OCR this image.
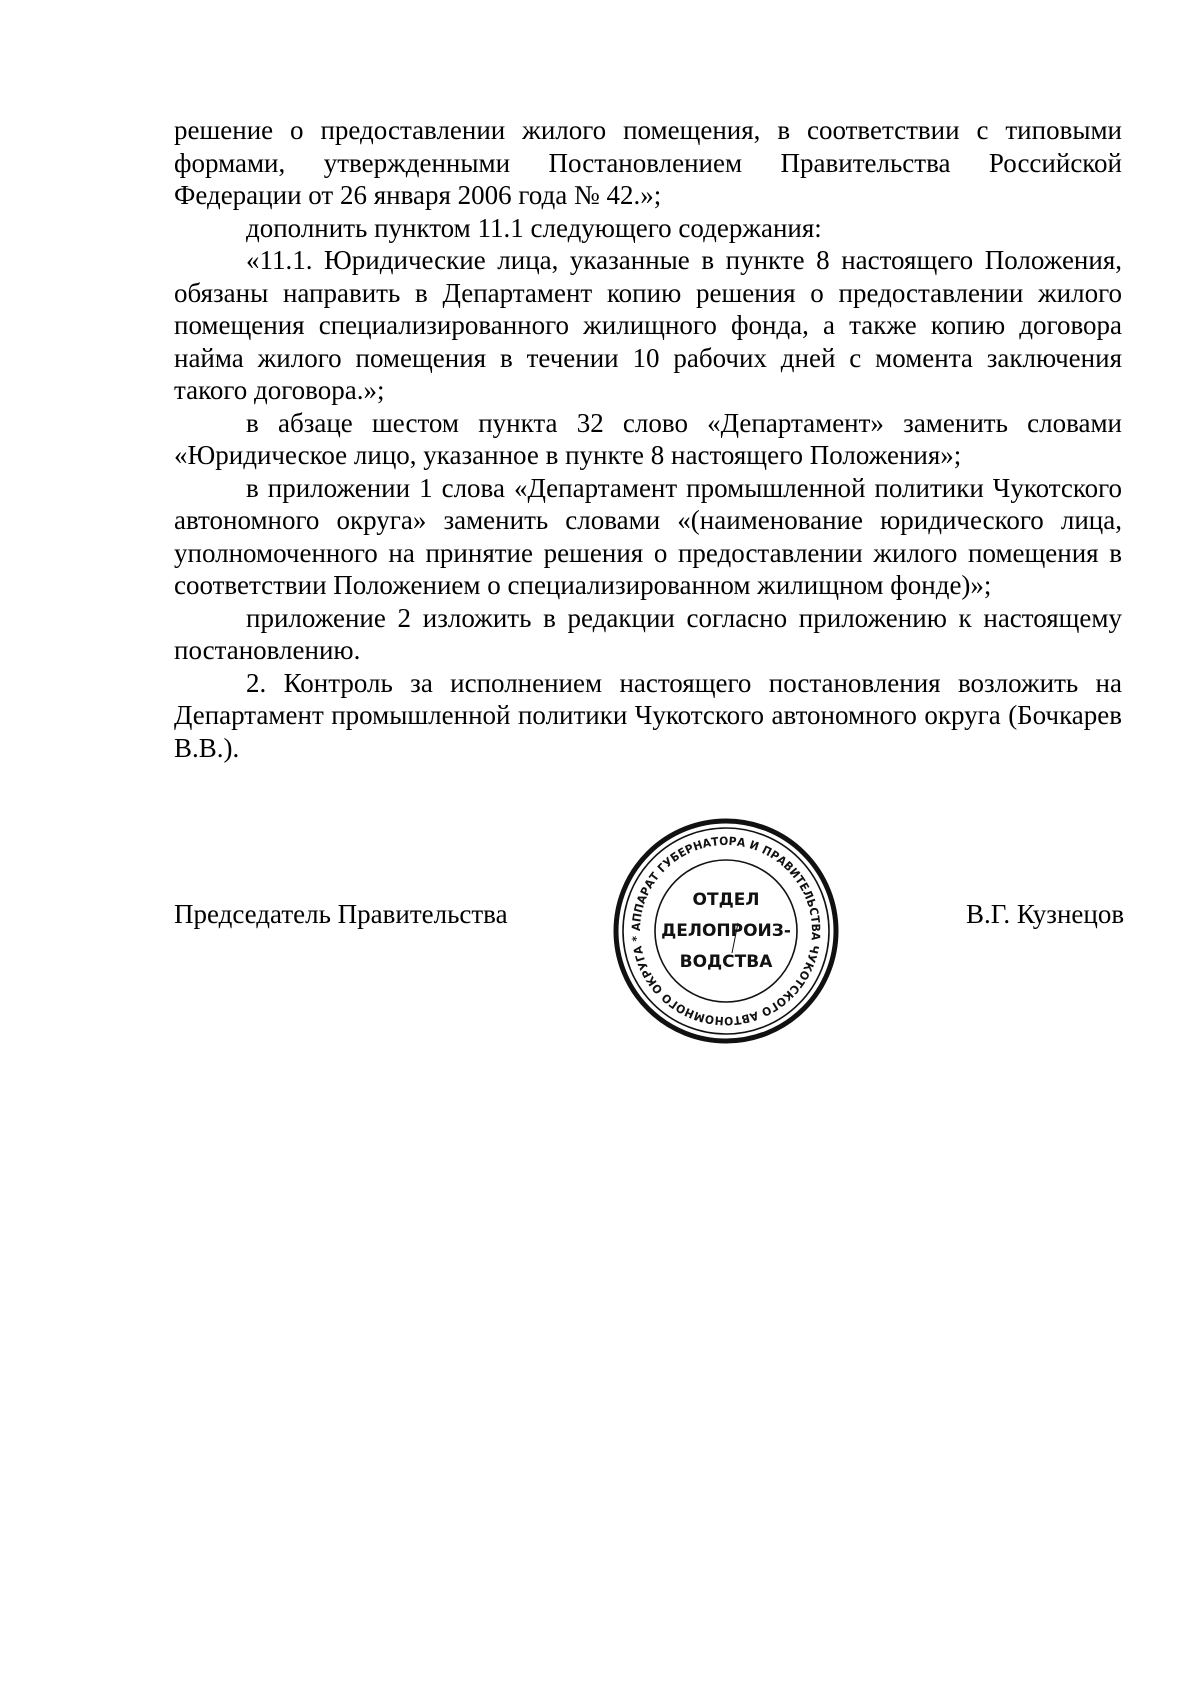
решение о предоставлении жилого помещения, в соответствии с типовыми формами, утвержденными Постановлением Правительства Российской Федерации от 26 января 2006 года № 42.»;

дополнить пунктом 11.1 следующего содержания:

«11.1. Юридические лица, указанные в пункте 8 настоящего Положения, обязаны направить в Департамент копию решения о предоставлении жилого помещения специализированного жилищного фонда, а также копию договора найма жилого помещения в течении 10 рабочих дней с момента заключения такого договора.»;

в абзаце шестом пункта 32 слово «Департамент» заменить словами «Юридическое лицо, указанное в пункте 8 настоящего Положения»;

в приложении 1 слова «Департамент промышленной политики Чукотского автономного округа» заменить словами «(наименование юридического лица, уполномоченного на принятие решения о предоставлении жилого помещения в соответствии Положением о специализированном жилищном фонде)»;

приложение 2 изложить в редакции согласно приложению к настоящему постановлению.

2. Контроль за исполнением настоящего постановления возложить на Департамент промышленной политики Чукотского автономного округа (Бочкарев В.В.).

Председатель Правительства	АППАРАТ ГУБЕРНАТОРА И ПРАВИТЕЛЬСТВА ЧУКОТСКОГО АВТОНОМНОГО ОКРУГА *
ОТДЕЛ
ДЕЛОПРОИЗ-
ВОДСТВА
В.Г. Кузнецов
